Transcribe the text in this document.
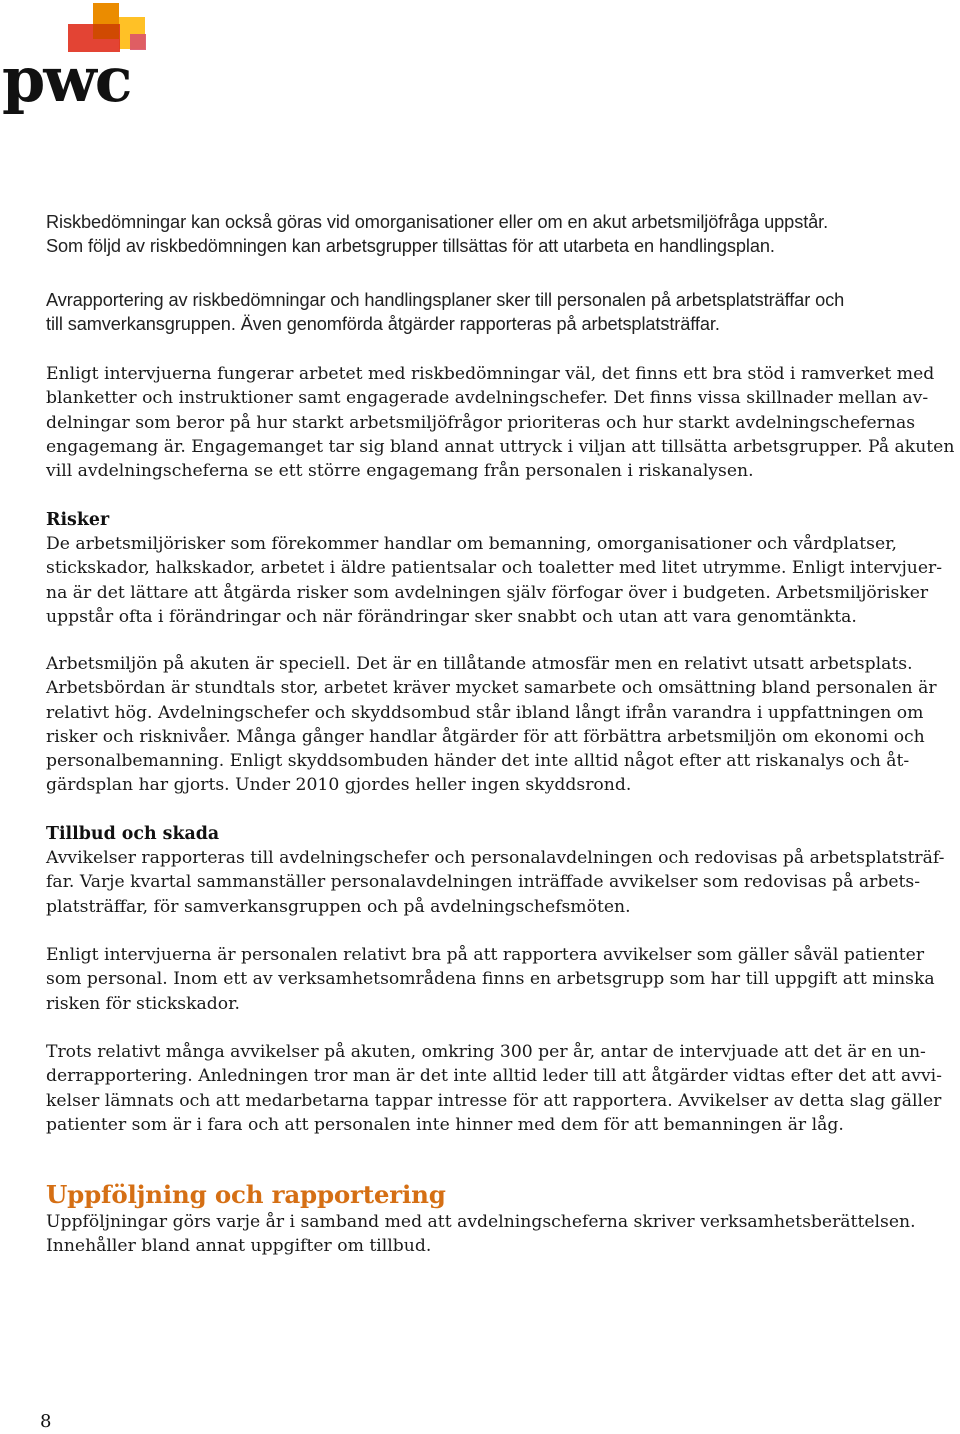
pwc

Riskbedömningar kan också göras vid omorganisationer eller om en akut arbetsmiljöfråga uppstår.
Som följd av riskbedömningen kan arbetsgrupper tillsättas för att utarbeta en handlingsplan.

Avrapportering av riskbedömningar och handlingsplaner sker till personalen på arbetsplatsträffar och
till samverkansgruppen. Även genomförda åtgärder rapporteras på arbetsplatsträffar.

Enligt intervjuerna fungerar arbetet med riskbedömningar väl, det finns ett bra stöd i ramverket med
blanketter och instruktioner samt engagerade avdelningschefer. Det finns vissa skillnader mellan av-
delningar som beror på hur starkt arbetsmiljöfrågor prioriteras och hur starkt avdelningschefernas
engagemang är. Engagemanget tar sig bland annat uttryck i viljan att tillsätta arbetsgrupper. På akuten
vill avdelningscheferna se ett större engagemang från personalen i riskanalysen.

Risker

De arbetsmiljörisker som förekommer handlar om bemanning, omorganisationer och vårdplatser,
stickskador, halkskador, arbetet i äldre patientsalar och toaletter med litet utrymme. Enligt intervjuer-
na är det lättare att åtgärda risker som avdelningen själv förfogar över i budgeten. Arbetsmiljörisker
uppstår ofta i förändringar och när förändringar sker snabbt och utan att vara genomtänkta.

Arbetsmiljön på akuten är speciell. Det är en tillåtande atmosfär men en relativt utsatt arbetsplats.
Arbetsbördan är stundtals stor, arbetet kräver mycket samarbete och omsättning bland personalen är
relativt hög. Avdelningschefer och skyddsombud står ibland långt ifrån varandra i uppfattningen om
risker och risknivåer. Många gånger handlar åtgärder för att förbättra arbetsmiljön om ekonomi och
personalbemanning. Enligt skyddsombuden händer det inte alltid något efter att riskanalys och åt-
gärdsplan har gjorts. Under 2010 gjordes heller ingen skyddsrond.

Tillbud och skada

Avvikelser rapporteras till avdelningschefer och personalavdelningen och redovisas på arbetsplatsträf-
far. Varje kvartal sammanställer personalavdelningen inträffade avvikelser som redovisas på arbets-
platsträffar, för samverkansgruppen och på avdelningschefsmöten.

Enligt intervjuerna är personalen relativt bra på att rapportera avvikelser som gäller såväl patienter
som personal. Inom ett av verksamhetsområdena finns en arbetsgrupp som har till uppgift att minska
risken för stickskador.

Trots relativt många avvikelser på akuten, omkring 300 per år, antar de intervjuade att det är en un-
derrapportering. Anledningen tror man är det inte alltid leder till att åtgärder vidtas efter det att avvi-
kelser lämnats och att medarbetarna tappar intresse för att rapportera. Avvikelser av detta slag gäller
patienter som är i fara och att personalen inte hinner med dem för att bemanningen är låg.

Uppföljning och rapportering

Uppföljningar görs varje år i samband med att avdelningscheferna skriver verksamhetsberättelsen.
Innehåller bland annat uppgifter om tillbud.

8
